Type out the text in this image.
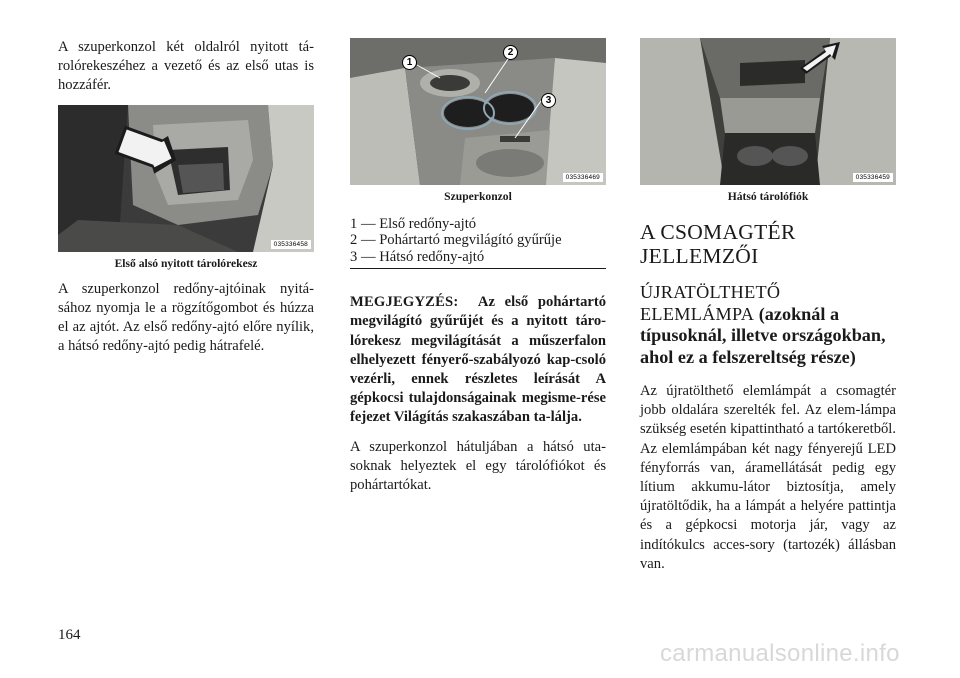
A szuperkonzol két oldalról nyitott tá-rolórekeszéhez a vezető és az első utas is hozzáfér.

035336458
Első alsó nyitott tárolórekesz

A szuperkonzol redőny-ajtóinak nyitá-sához nyomja le a rögzítőgombot és húzza el az ajtót. Az első redőny-ajtó előre nyílik, a hátsó redőny-ajtó pedig hátrafelé.

1
2
3
035336469
Szuperkonzol
1 — Első redőny-ajtó
2 — Pohártartó megvilágító gyűrűje
3 — Hátsó redőny-ajtó

MEGJEGYZÉS: Az első pohártartó megvilágító gyűrűjét és a nyitott táro-lórekesz megvilágítását a műszerfalon elhelyezett fényerő-szabályozó kap-csoló vezérli, ennek részletes leírását A gépkocsi tulajdonságainak megisme-rése fejezet Világítás szakaszában ta-lálja.

A szuperkonzol hátuljában a hátsó uta-soknak helyeztek el egy tárolófiókot és pohártartókat.

035336459
Hátsó tárolófiók
A CSOMAGTÉR
JELLEMZŐI
ÚJRATÖLTHETŐ ELEMLÁMPA (azoknál a típusoknál, illetve országokban, ahol ez a felszereltség része)

Az újratölthető elemlámpát a csomagtér jobb oldalára szerelték fel. Az elem-lámpa szükség esetén kipattintható a tartókeretből. Az elemlámpában két nagy fényerejű LED fényforrás van, áramellátását pedig egy lítium akkumu-látor biztosítja, amely újratöltődik, ha a lámpát a helyére pattintja és a gépkocsi motorja jár, vagy az indítókulcs acces-sory (tartozék) állásban van.

164
carmanualsonline.info
